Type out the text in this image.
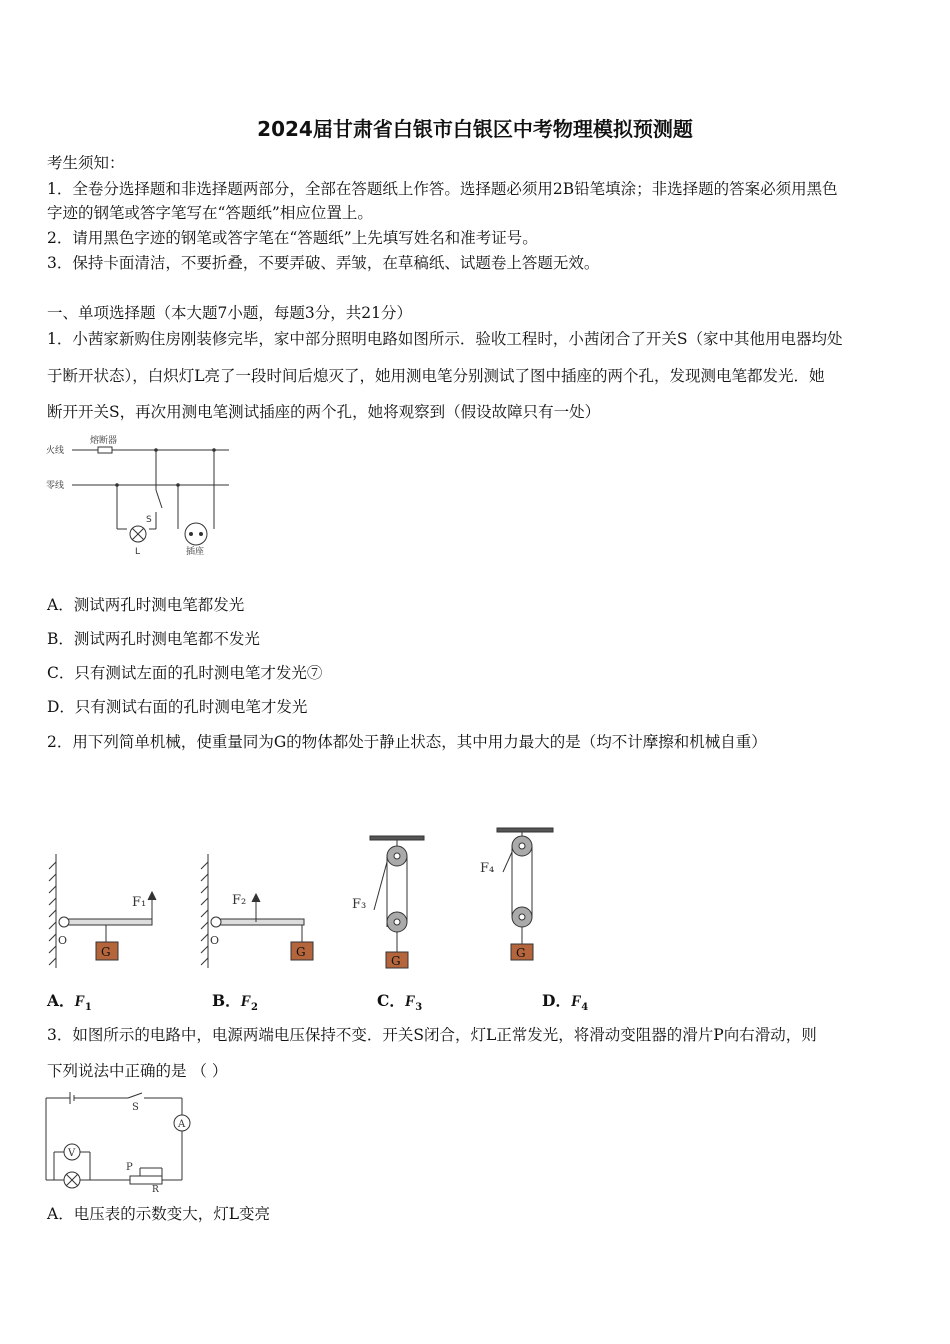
2024届甘肃省白银市白银区中考物理模拟预测题
考生须知：
1．全卷分选择题和非选择题两部分，全部在答题纸上作答。选择题必须用2B铅笔填涂；非选择题的答案必须用黑色
字迹的钢笔或答字笔写在“答题纸”相应位置上。
2．请用黑色字迹的钢笔或答字笔在“答题纸”上先填写姓名和准考证号。
3．保持卡面清洁，不要折叠，不要弄破、弄皱，在草稿纸、试题卷上答题无效。
一、单项选择题（本大题7小题，每题3分，共21分）
1．小茜家新购住房刚装修完毕，家中部分照明电路如图所示．验收工程时，小茜闭合了开关S（家中其他用电器均处
于断开状态），白炽灯L亮了一段时间后熄灭了，她用测电笔分别测试了图中插座的两个孔，发现测电笔都发光．她
断开开关S，再次用测电笔测试插座的两个孔，她将观察到（假设故障只有一处）
火线
零线
熔断器
S
L	插座
A．测试两孔时测电笔都发光
B．测试两孔时测电笔都不发光
C．只有测试左面的孔时测电笔才发光⑦
D．只有测试右面的孔时测电笔才发光
2．用下列简单机械，使重量同为G的物体都处于静止状态，其中用力最大的是（均不计摩擦和机械自重）
G
O
F₁
G
O
F₂
G
F₃
G
F₄
A．$F_1$	B．$F_2$	C．$F_3$	D．$F_4$
3．如图所示的电路中，电源两端电压保持不变．开关S闭合，灯L正常发光，将滑动变阻器的滑片P向右滑动，则
下列说法中正确的是 （ ）
S
A
V
P
R
A．电压表的示数变大，灯L变亮
